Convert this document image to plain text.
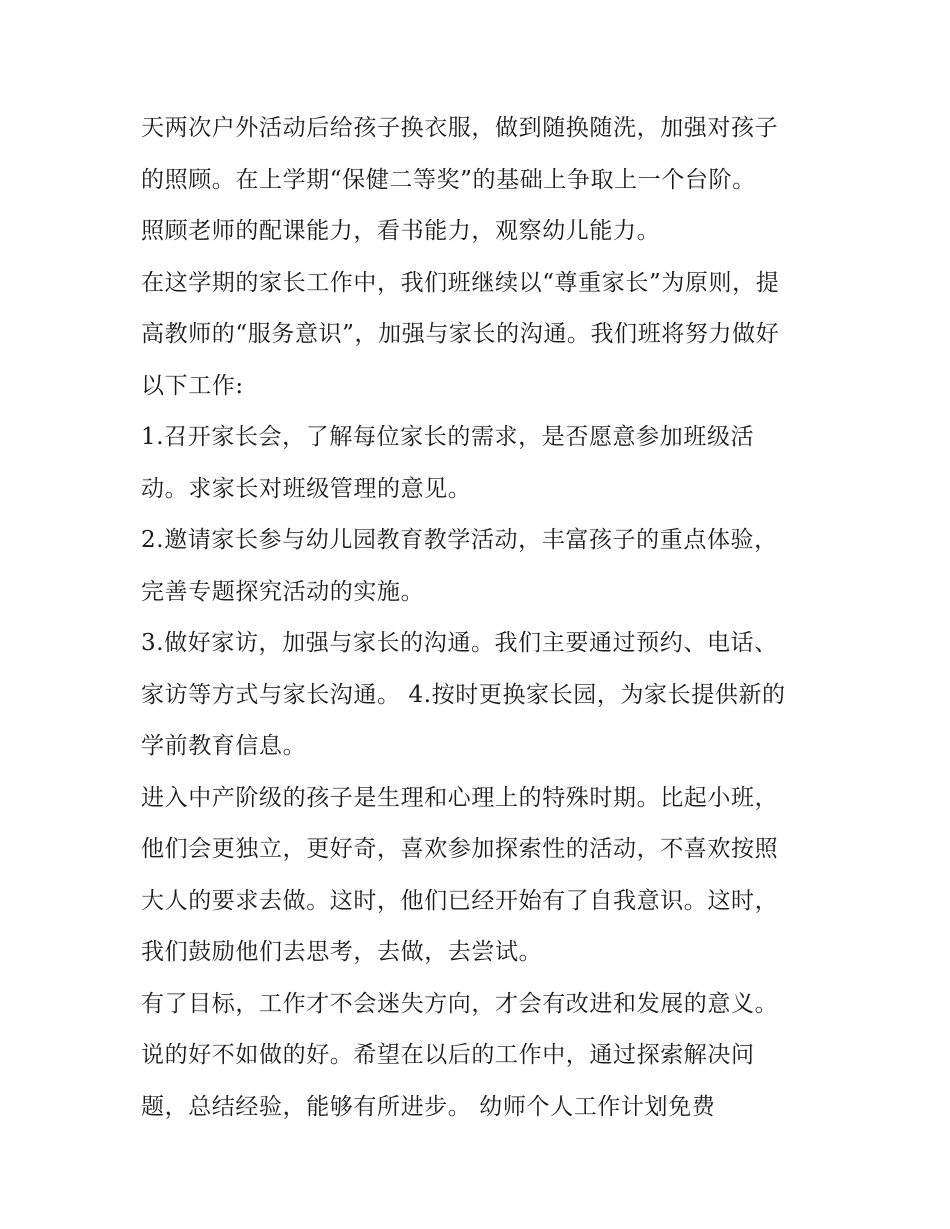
天两次户外活动后给孩子换衣服，做到随换随洗，加强对孩子
的照顾。在上学期“保健二等奖”的基础上争取上一个台阶。
照顾老师的配课能力，看书能力，观察幼儿能力。
在这学期的家长工作中，我们班继续以“尊重家长”为原则，提
高教师的“服务意识”，加强与家长的沟通。我们班将努力做好
以下工作:
1.召开家长会，了解每位家长的需求，是否愿意参加班级活
动。求家长对班级管理的意见。
2.邀请家长参与幼儿园教育教学活动，丰富孩子的重点体验，
完善专题探究活动的实施。
3.做好家访，加强与家长的沟通。我们主要通过预约、电话、
家访等方式与家长沟通。 4.按时更换家长园，为家长提供新的
学前教育信息。
进入中产阶级的孩子是生理和心理上的特殊时期。比起小班，
他们会更独立，更好奇，喜欢参加探索性的活动，不喜欢按照
大人的要求去做。这时，他们已经开始有了自我意识。这时，
我们鼓励他们去思考，去做，去尝试。
有了目标，工作才不会迷失方向，才会有改进和发展的意义。
说的好不如做的好。希望在以后的工作中，通过探索解决问
题，总结经验，能够有所进步。 幼师个人工作计划免费
